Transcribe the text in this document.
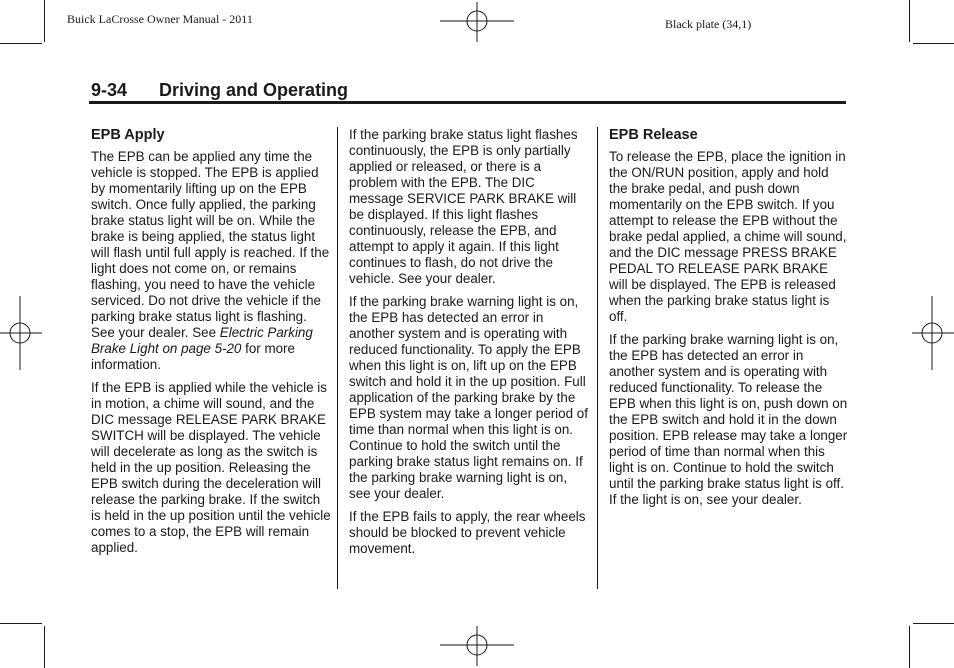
Buick LaCrosse Owner Manual - 2011	Black plate (34,1)
9-34 Driving and Operating
EPB Apply

The EPB can be applied any time the vehicle is stopped. The EPB is applied by momentarily lifting up on the EPB switch. Once fully applied, the parking brake status light will be on. While the brake is being applied, the status light will flash until full apply is reached. If the light does not come on, or remains flashing, you need to have the vehicle serviced. Do not drive the vehicle if the parking brake status light is flashing. See your dealer. See Electric Parking Brake Light on page 5-20 for more information.

If the EPB is applied while the vehicle is in motion, a chime will sound, and the DIC message RELEASE PARK BRAKE SWITCH will be displayed. The vehicle will decelerate as long as the switch is held in the up position. Releasing the EPB switch during the deceleration will release the parking brake. If the switch is held in the up position until the vehicle comes to a stop, the EPB will remain applied.

If the parking brake status light flashes continuously, the EPB is only partially applied or released, or there is a problem with the EPB. The DIC message SERVICE PARK BRAKE will be displayed. If this light flashes continuously, release the EPB, and attempt to apply it again. If this light continues to flash, do not drive the vehicle. See your dealer.

If the parking brake warning light is on, the EPB has detected an error in another system and is operating with reduced functionality. To apply the EPB when this light is on, lift up on the EPB switch and hold it in the up position. Full application of the parking brake by the EPB system may take a longer period of time than normal when this light is on. Continue to hold the switch until the parking brake status light remains on. If the parking brake warning light is on, see your dealer.

If the EPB fails to apply, the rear wheels should be blocked to prevent vehicle movement.

EPB Release

To release the EPB, place the ignition in the ON/RUN position, apply and hold the brake pedal, and push down momentarily on the EPB switch. If you attempt to release the EPB without the brake pedal applied, a chime will sound, and the DIC message PRESS BRAKE PEDAL TO RELEASE PARK BRAKE will be displayed. The EPB is released when the parking brake status light is off.

If the parking brake warning light is on, the EPB has detected an error in another system and is operating with reduced functionality. To release the EPB when this light is on, push down on the EPB switch and hold it in the down position. EPB release may take a longer period of time than normal when this light is on. Continue to hold the switch until the parking brake status light is off. If the light is on, see your dealer.
